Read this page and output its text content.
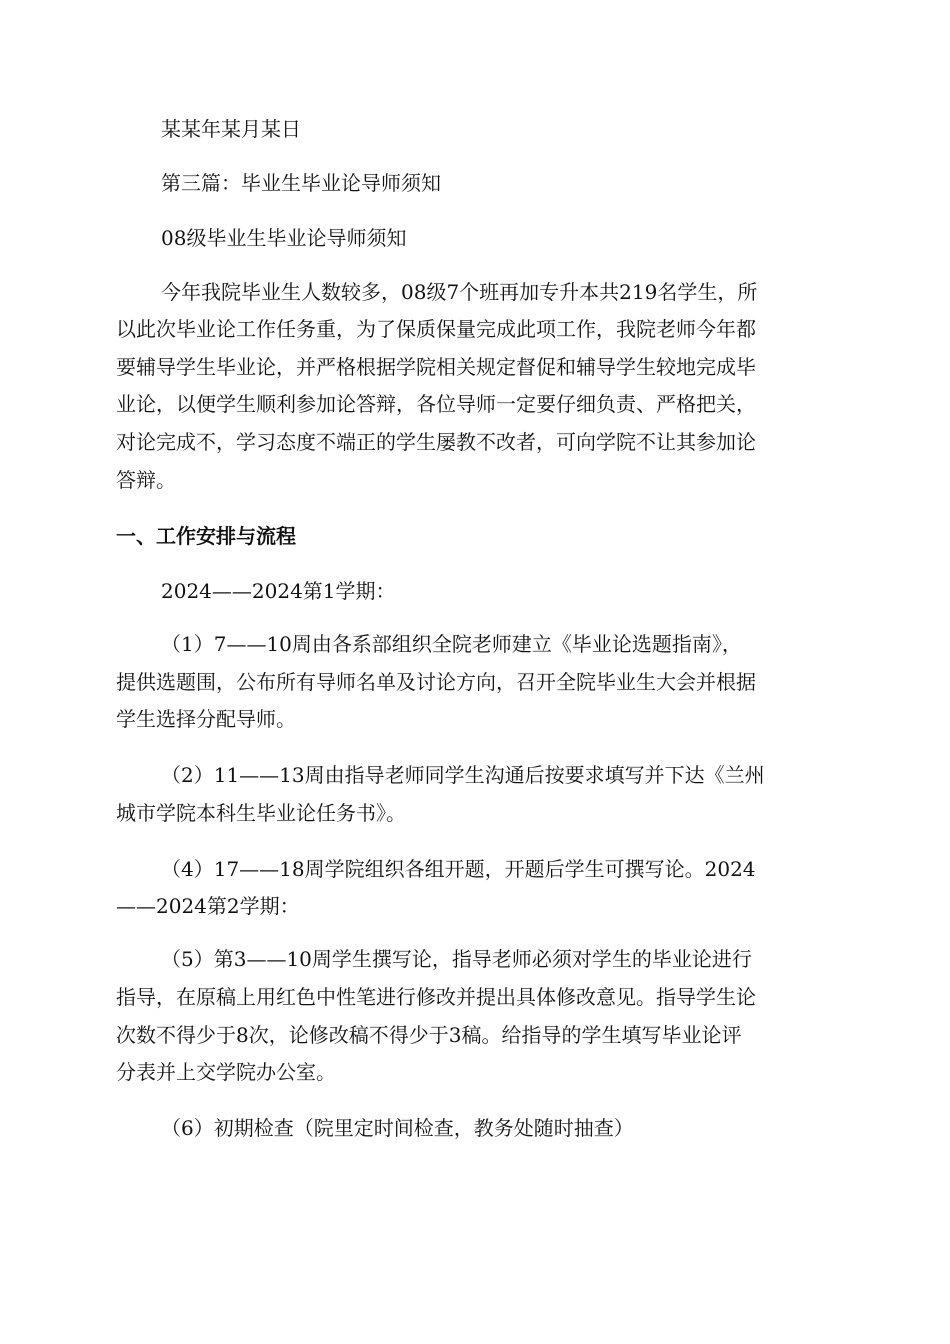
某某年某月某日
第三篇：毕业生毕业论导师须知
08级毕业生毕业论导师须知
今年我院毕业生人数较多，08级7个班再加专升本共219名学生，所
以此次毕业论工作任务重，为了保质保量完成此项工作，我院老师今年都
要辅导学生毕业论，并严格根据学院相关规定督促和辅导学生较地完成毕
业论，以便学生顺利参加论答辩，各位导师一定要仔细负责、严格把关，
对论完成不，学习态度不端正的学生屡教不改者，可向学院不让其参加论
答辩。
一、工作安排与流程
2024——2024第1学期：
（1）7——10周由各系部组织全院老师建立《毕业论选题指南》，
提供选题围，公布所有导师名单及讨论方向，召开全院毕业生大会并根据
学生选择分配导师。
（2）11——13周由指导老师同学生沟通后按要求填写并下达《兰州
城市学院本科生毕业论任务书》。
（4）17——18周学院组织各组开题，开题后学生可撰写论。2024
——2024第2学期：
（5）第3——10周学生撰写论，指导老师必须对学生的毕业论进行
指导，在原稿上用红色中性笔进行修改并提出具体修改意见。指导学生论
次数不得少于8次，论修改稿不得少于3稿。给指导的学生填写毕业论评
分表并上交学院办公室。
（6）初期检查（院里定时间检查，教务处随时抽查）
